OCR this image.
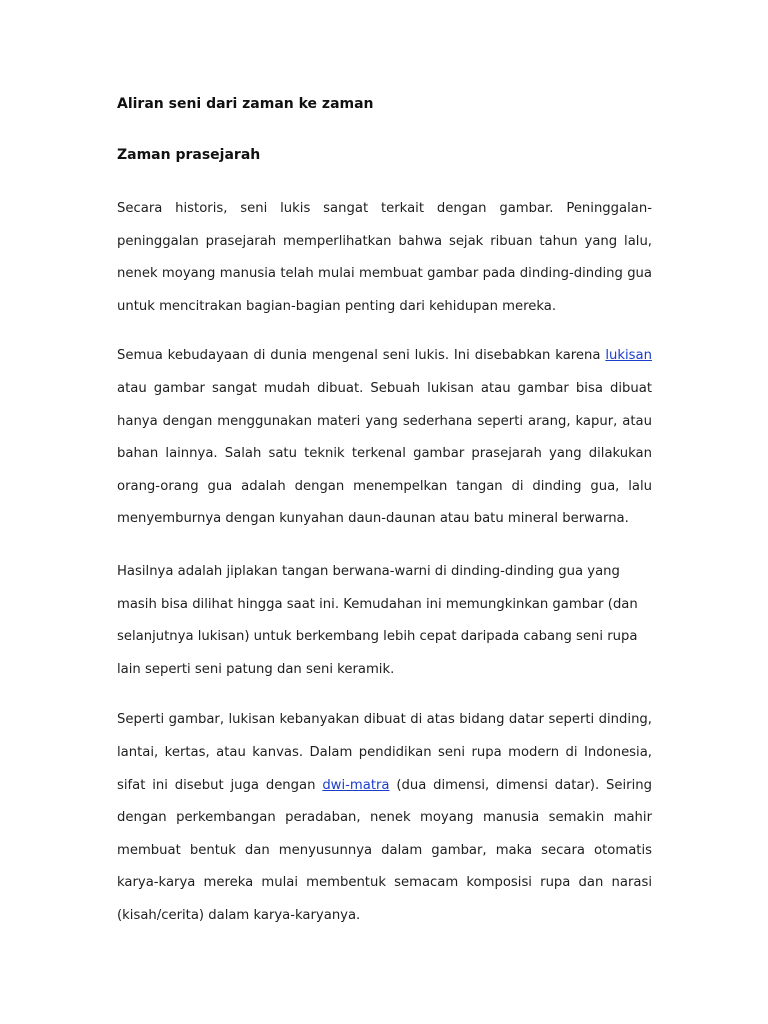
Aliran seni dari zaman ke zaman
Zaman prasejarah

Secara historis, seni lukis sangat terkait dengan gambar. Peninggalan-peninggalan prasejarah memperlihatkan bahwa sejak ribuan tahun yang lalu, nenek moyang manusia telah mulai membuat gambar pada dinding-dinding gua untuk mencitrakan bagian-bagian penting dari kehidupan mereka.

Semua kebudayaan di dunia mengenal seni lukis. Ini disebabkan karena lukisan atau gambar sangat mudah dibuat. Sebuah lukisan atau gambar bisa dibuat hanya dengan menggunakan materi yang sederhana seperti arang, kapur, atau bahan lainnya. Salah satu teknik terkenal gambar prasejarah yang dilakukan orang-orang gua adalah dengan menempelkan tangan di dinding gua, lalu menyemburnya dengan kunyahan daun-daunan atau batu mineral berwarna.

Hasilnya adalah jiplakan tangan berwana-warni di dinding-dinding gua yang masih bisa dilihat hingga saat ini. Kemudahan ini memungkinkan gambar (dan selanjutnya lukisan) untuk berkembang lebih cepat daripada cabang seni rupa lain seperti seni patung dan seni keramik.

Seperti gambar, lukisan kebanyakan dibuat di atas bidang datar seperti dinding, lantai, kertas, atau kanvas. Dalam pendidikan seni rupa modern di Indonesia, sifat ini disebut juga dengan dwi-matra (dua dimensi, dimensi datar). Seiring dengan perkembangan peradaban, nenek moyang manusia semakin mahir membuat bentuk dan menyusunnya dalam gambar, maka secara otomatis karya-karya mereka mulai membentuk semacam komposisi rupa dan narasi (kisah/cerita) dalam karya-karyanya.
